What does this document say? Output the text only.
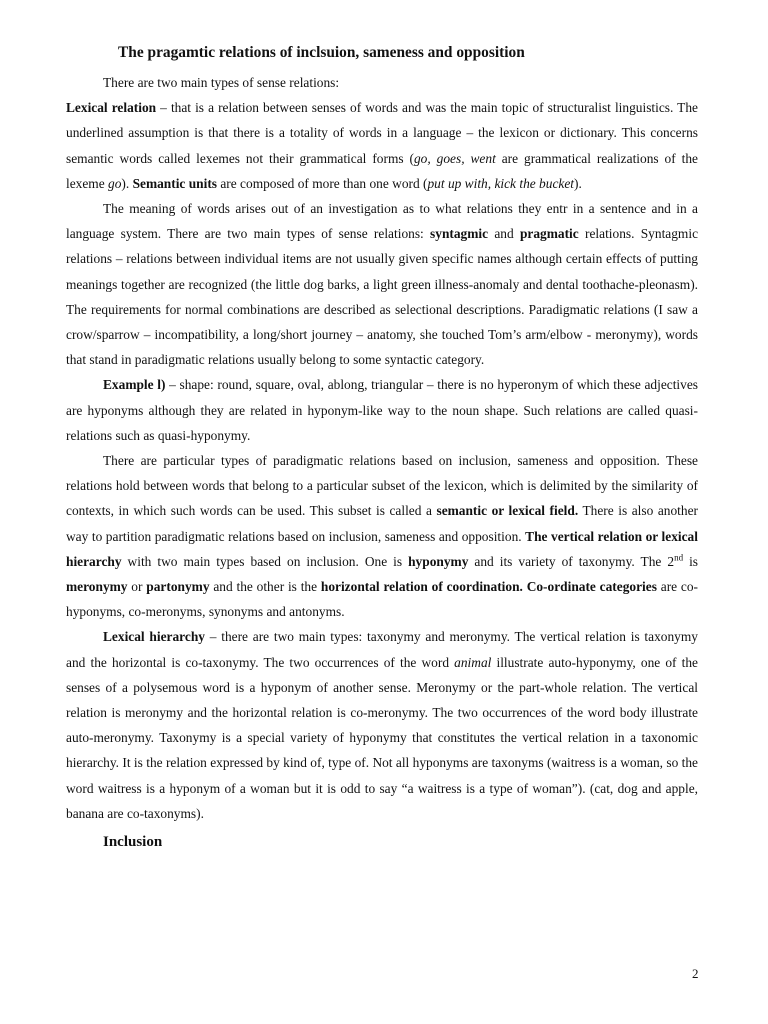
The pragamtic relations of inclsuion, sameness and opposition

There are two main types of sense relations:

Lexical relation – that is a relation between senses of words and was the main topic of structuralist linguistics. The underlined assumption is that there is a totality of words in a language – the lexicon or dictionary. This concerns semantic words called lexemes not their grammatical forms (go, goes, went are grammatical realizations of the lexeme go). Semantic units are composed of more than one word (put up with, kick the bucket).

The meaning of words arises out of an investigation as to what relations they entr in a sentence and in a language system. There are two main types of sense relations: syntagmic and pragmatic relations. Syntagmic relations – relations between individual items are not usually given specific names although certain effects of putting meanings together are recognized (the little dog barks, a light green illness-anomaly and dental toothache-pleonasm). The requirements for normal combinations are described as selectional descriptions. Paradigmatic relations (I saw a crow/sparrow – incompatibility, a long/short journey – anatomy, she touched Tom’s arm/elbow - meronymy), words that stand in paradigmatic relations usually belong to some syntactic category.

Example l) – shape: round, square, oval, ablong, triangular – there is no hyperonym of which these adjectives are hyponyms although they are related in hyponym-like way to the noun shape. Such relations are called quasi-relations such as quasi-hyponymy.

There are particular types of paradigmatic relations based on inclusion, sameness and opposition. These relations hold between words that belong to a particular subset of the lexicon, which is delimited by the similarity of contexts, in which such words can be used. This subset is called a semantic or lexical field. There is also another way to partition paradigmatic relations based on inclusion, sameness and opposition. The vertical relation or lexical hierarchy with two main types based on inclusion. One is hyponymy and its variety of taxonymy. The 2nd is meronymy or partonymy and the other is the horizontal relation of coordination. Co-ordinate categories are co-hyponyms, co-meronyms, synonyms and antonyms.

Lexical hierarchy – there are two main types: taxonymy and meronymy. The vertical relation is taxonymy and the horizontal is co-taxonymy. The two occurrences of the word animal illustrate auto-hyponymy, one of the senses of a polysemous word is a hyponym of another sense. Meronymy or the part-whole relation. The vertical relation is meronymy and the horizontal relation is co-meronymy. The two occurrences of the word body illustrate auto-meronymy. Taxonymy is a special variety of hyponymy that constitutes the vertical relation in a taxonomic hierarchy. It is the relation expressed by kind of, type of. Not all hyponyms are taxonyms (waitress is a woman, so the word waitress is a hyponym of a woman but it is odd to say “a waitress is a type of woman”). (cat, dog and apple, banana are co-taxonyms).

Inclusion
2
